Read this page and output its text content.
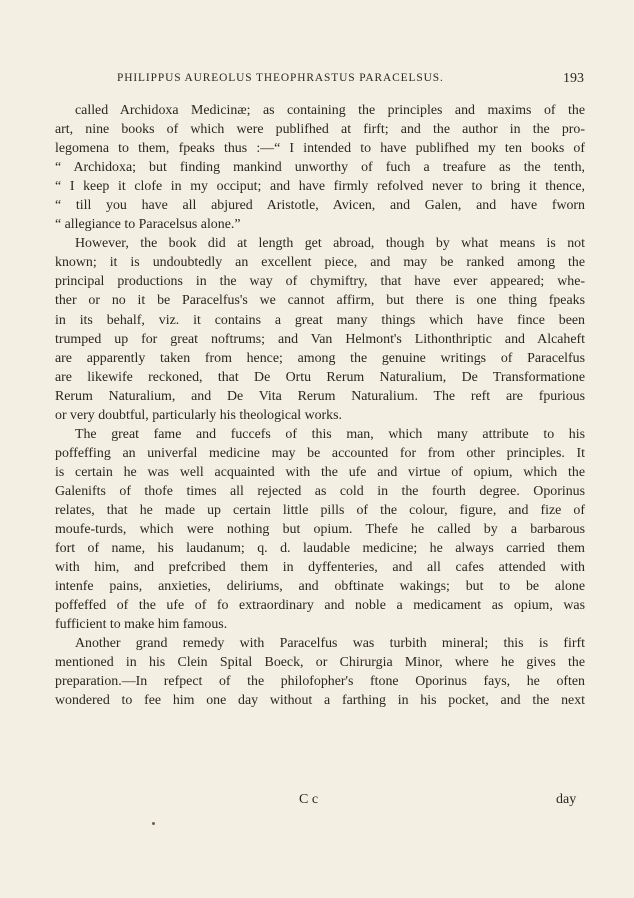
PHILIPPUS AUREOLUS THEOPHRASTUS PARACELSUS.	193
called Archidoxa Medicinæ; as containing the principles and maxims of the
art, nine books of which were publifhed at firft; and the author in the pro-
legomena to them, fpeaks thus :—“ I intended to have publifhed my ten books of
“ Archidoxa; but finding mankind unworthy of fuch a treafure as the tenth,
“ I keep it clofe in my occiput; and have firmly refolved never to bring it thence,
“ till you have all abjured Aristotle, Avicen, and Galen, and have fworn
“ allegiance to Paracelsus alone.”
However, the book did at length get abroad, though by what means is not
known; it is undoubtedly an excellent piece, and may be ranked among the
principal productions in the way of chymiftry, that have ever appeared; whe-
ther or no it be Paracelfus's we cannot affirm, but there is one thing fpeaks
in its behalf, viz. it contains a great many things which have fince been
trumped up for great noftrums; and Van Helmont's Lithonthriptic and Alcaheft
are apparently taken from hence; among the genuine writings of Paracelfus
are likewife reckoned, that De Ortu Rerum Naturalium, De Transformatione
Rerum Naturalium, and De Vita Rerum Naturalium. The reft are fpurious
or very doubtful, particularly his theological works.
The great fame and fuccefs of this man, which many attribute to his
poffeffing an univerfal medicine may be accounted for from other principles. It
is certain he was well acquainted with the ufe and virtue of opium, which the
Galenifts of thofe times all rejected as cold in the fourth degree. Oporinus
relates, that he made up certain little pills of the colour, figure, and fize of
moufe-turds, which were nothing but opium. Thefe he called by a barbarous
fort of name, his laudanum; q. d. laudable medicine; he always carried them
with him, and prefcribed them in dyffenteries, and all cafes attended with
intenfe pains, anxieties, deliriums, and obftinate wakings; but to be alone
poffeffed of the ufe of fo extraordinary and noble a medicament as opium, was
fufficient to make him famous.
Another grand remedy with Paracelfus was turbith mineral; this is firft
mentioned in his Clein Spital Boeck, or Chirurgia Minor, where he gives the
preparation.—In refpect of the philofopher's ftone Oporinus fays, he often
wondered to fee him one day without a farthing in his pocket, and the next
C c	day
